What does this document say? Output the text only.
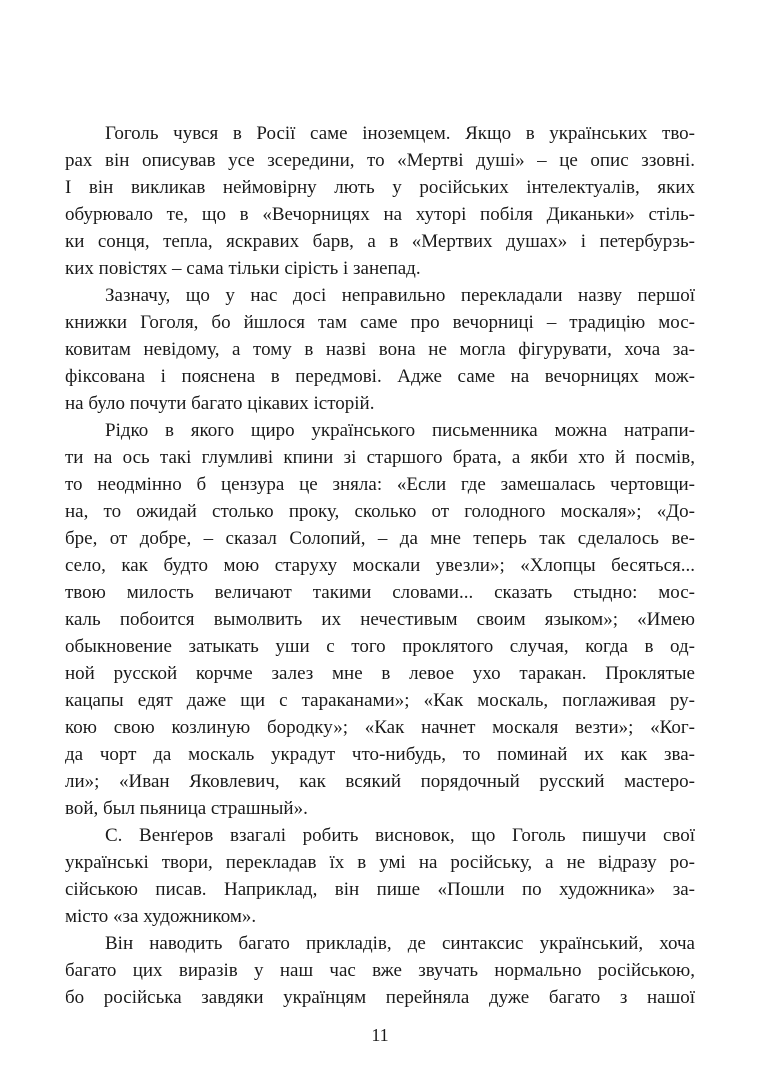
Гоголь чувся в Росії саме іноземцем. Якщо в українських тво-
рах він описував усе зсередини, то «Мертві душі» – це опис ззовні.
І він викликав неймовірну лють у російських інтелектуалів, яких
обурювало те, що в «Вечорницях на хуторі побіля Диканьки» стіль-
ки сонця, тепла, яскравих барв, а в «Мертвих душах» і петербурзь-
ких повістях – сама тільки сірість і занепад.
Зазначу, що у нас досі неправильно перекладали назву першої
книжки Гоголя, бо йшлося там саме про вечорниці – традицію мос-
ковитам невідому, а тому в назві вона не могла фігурувати, хоча за-
фіксована і пояснена в передмові. Адже саме на вечорницях мож-
на було почути багато цікавих історій.
Рідко в якого щиро українського письменника можна натрапи-
ти на ось такі глумливі кпини зі старшого брата, а якби хто й посмів,
то неодмінно б цензура це зняла: «Если где замешалась чертовщи-
на, то ожидай столько проку, сколько от голодного москаля»; «До-
бре, от добре, – сказал Солопий, – да мне теперь так сделалось ве-
село, как будто мою старуху москали увезли»; «Хлопцы бесяться...
твою милость величают такими словами... сказать стыдно: мос-
каль побоится вымолвить их нечестивым своим языком»; «Имею
обыкновение затыкать уши с того проклятого случая, когда в од-
ной русской корчме залез мне в левое ухо таракан. Проклятые
кацапы едят даже щи с тараканами»; «Как москаль, поглаживая ру-
кою свою козлиную бородку»; «Как начнет москаля везти»; «Ког-
да чорт да москаль украдут что-нибудь, то поминай их как зва-
ли»; «Иван Яковлевич, как всякий порядочный русский мастеро-
вой, был пьяница страшный».
С. Венґеров взагалі робить висновок, що Гоголь пишучи свої
українські твори, перекладав їх в умі на російську, а не відразу ро-
сійською писав. Наприклад, він пише «Пошли по художника» за-
місто «за художником».
Він наводить багато прикладів, де синтаксис український, хоча
багато цих виразів у наш час вже звучать нормально російською,
бо російська завдяки українцям перейняла дуже багато з нашої
11
